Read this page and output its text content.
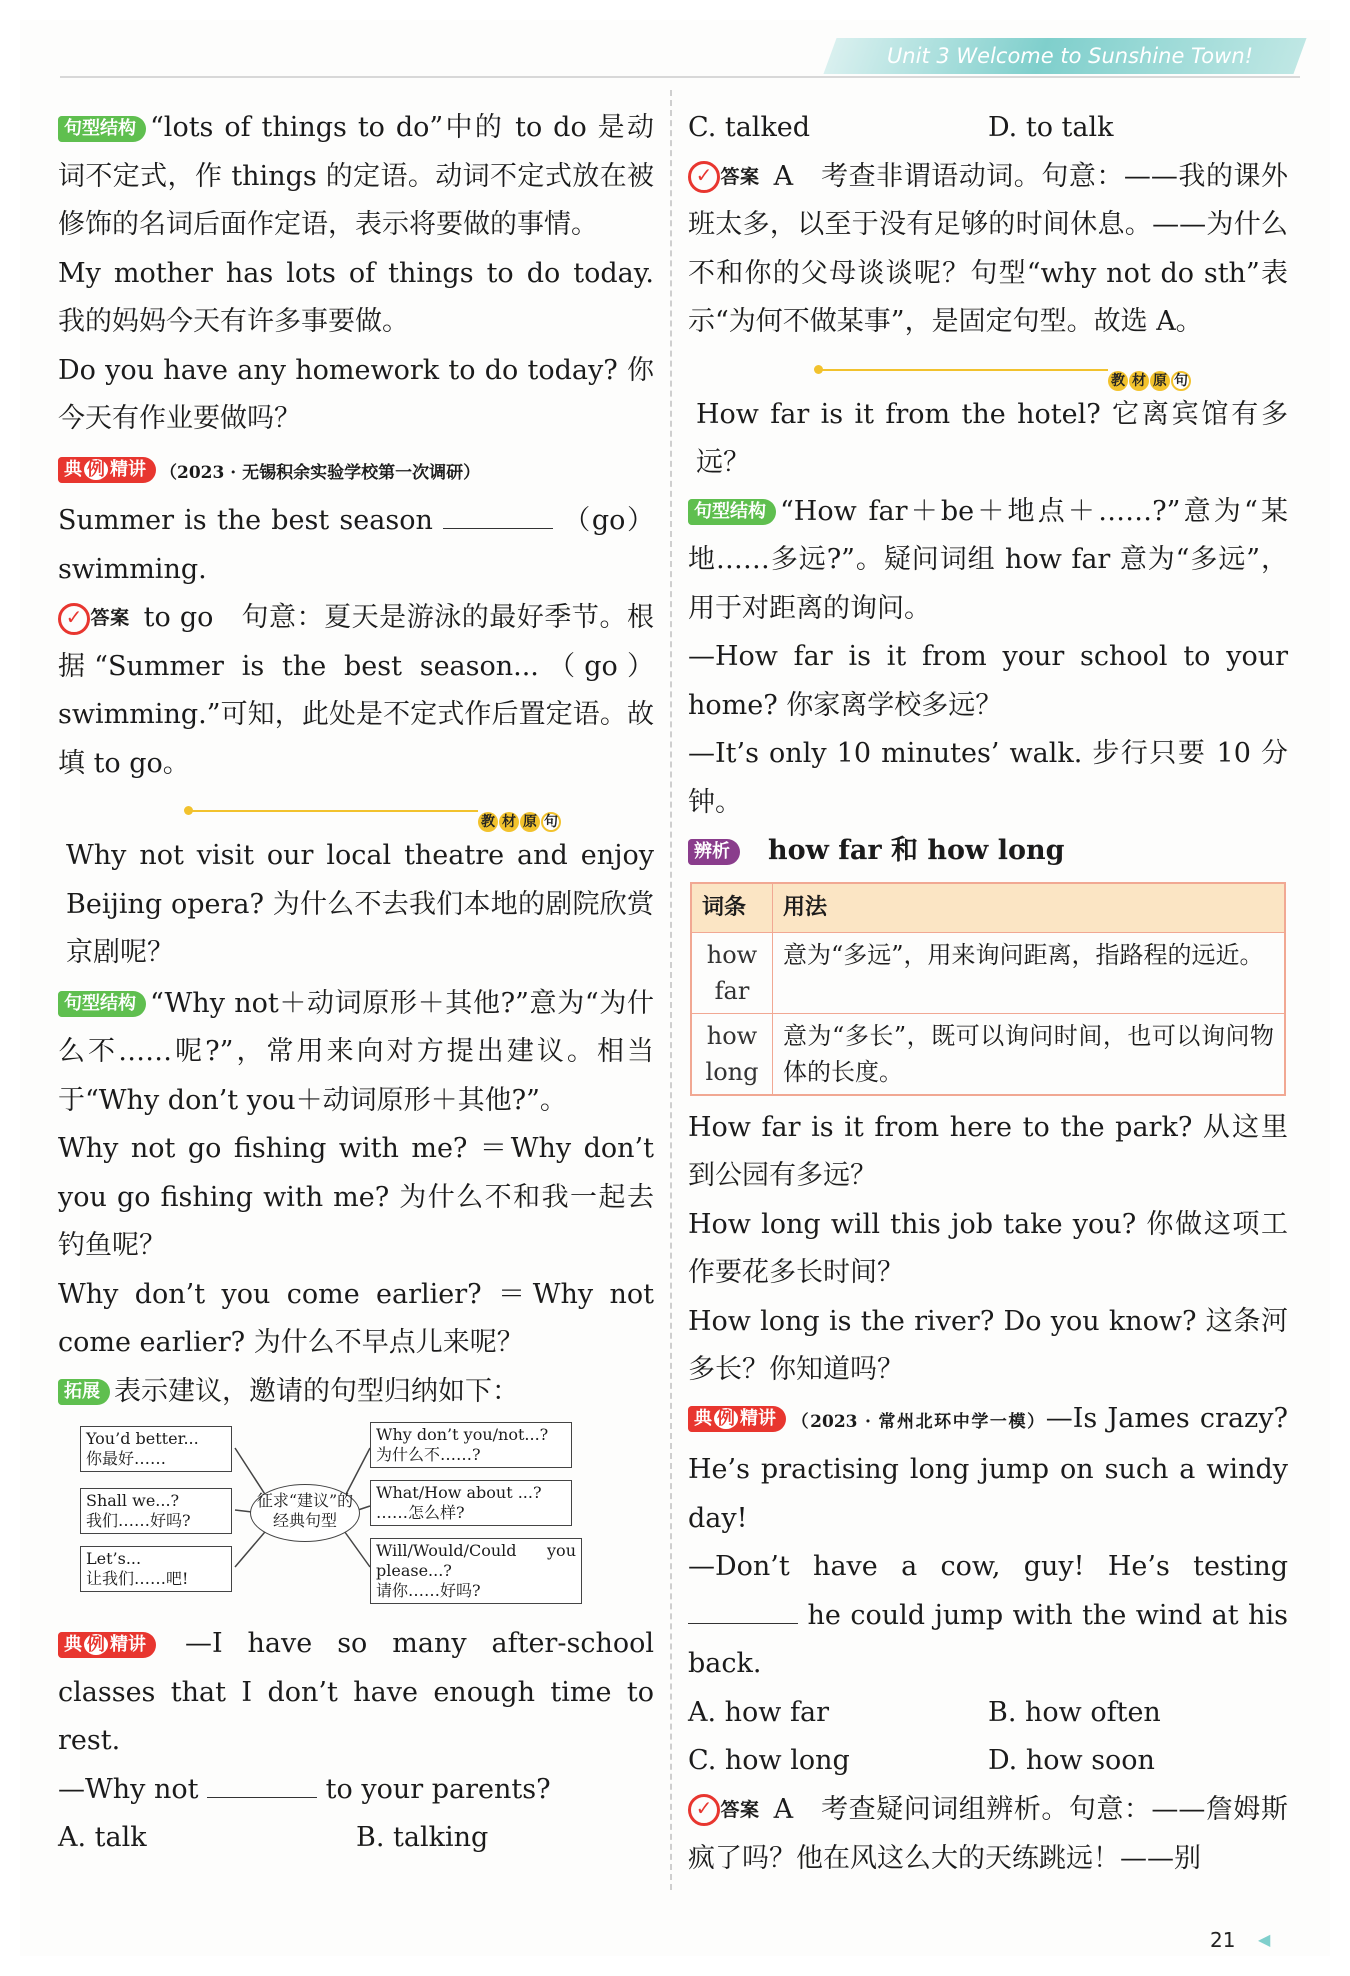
Unit 3 Welcome to Sunshine Town!

句型结构 “lots of things to do”中的 to do 是动词不定式，作 things 的定语。动词不定式放在被修饰的名词后面作定语，表示将要做的事情。

My mother has lots of things to do today. 我的妈妈今天有许多事要做。

Do you have any homework to do today? 你今天有作业要做吗？

典 例 精讲 （2023 · 无锡积余实验学校第一次调研）

Summer is the best season	（go）swimming.

✓ 答案 to go　句意：夏天是游泳的最好季节。根据“Summer is the best season...（go）swimming.”可知，此处是不定式作后置定语。故填 to go。

教 材 原 句

Why not visit our local theatre and enjoy Beijing opera? 为什么不去我们本地的剧院欣赏京剧呢？

句型结构 “Why not＋动词原形＋其他?”意为“为什么不……呢?”，常用来向对方提出建议。相当于“Why don’t you＋动词原形＋其他?”。

Why not go fishing with me? ＝Why don’t you go fishing with me? 为什么不和我一起去钓鱼呢？

Why don’t you come earlier? ＝Why not come earlier? 为什么不早点儿来呢？

拓展 表示建议，邀请的句型归纳如下：

You’d better...
你最好……
Shall we...?
我们……好吗?
Let’s...
让我们……吧!
征求“建议”的经典句型
Why don’t you/not...?
为什么不……?
What/How about ...?
……怎么样?
Will/Would/Could you please...?
请你……好吗?

典 例 精讲 —I have so many after-school classes that I don’t have enough time to rest.

—Why not	to your parents?

A. talk	B. talking

C. talked	D. to talk

✓ 答案 A　考查非谓语动词。句意：——我的课外班太多，以至于没有足够的时间休息。——为什么不和你的父母谈谈呢？句型“why not do sth”表示“为何不做某事”，是固定句型。故选 A。

教 材 原 句

How far is it from the hotel? 它离宾馆有多远？

句型结构 “How far＋be＋地点＋……?”意为“某地……多远?”。疑问词组 how far 意为“多远”，用于对距离的询问。

—How far is it from your school to your home? 你家离学校多远？

—It’s only 10 minutes’ walk. 步行只要 10 分钟。

辨析 how far 和 how long

词条	用法
how far	意为“多远”，用来询问距离，指路程的远近。
how long	意为“多长”，既可以询问时间，也可以询问物体的长度。

How far is it from here to the park? 从这里到公园有多远？

How long will this job take you? 你做这项工作要花多长时间？

How long is the river? Do you know? 这条河多长？你知道吗？

典 例 精讲 （2023 · 常州北环中学一模）—Is James crazy? He’s practising long jump on such a windy day!

—Don’t have a cow, guy! He’s testing  he could jump with the wind at his back.

A. how far	B. how often

C. how long	D. how soon

✓ 答案 A　考查疑问词组辨析。句意：——詹姆斯疯了吗？他在风这么大的天练跳远！——别

21 ◀
